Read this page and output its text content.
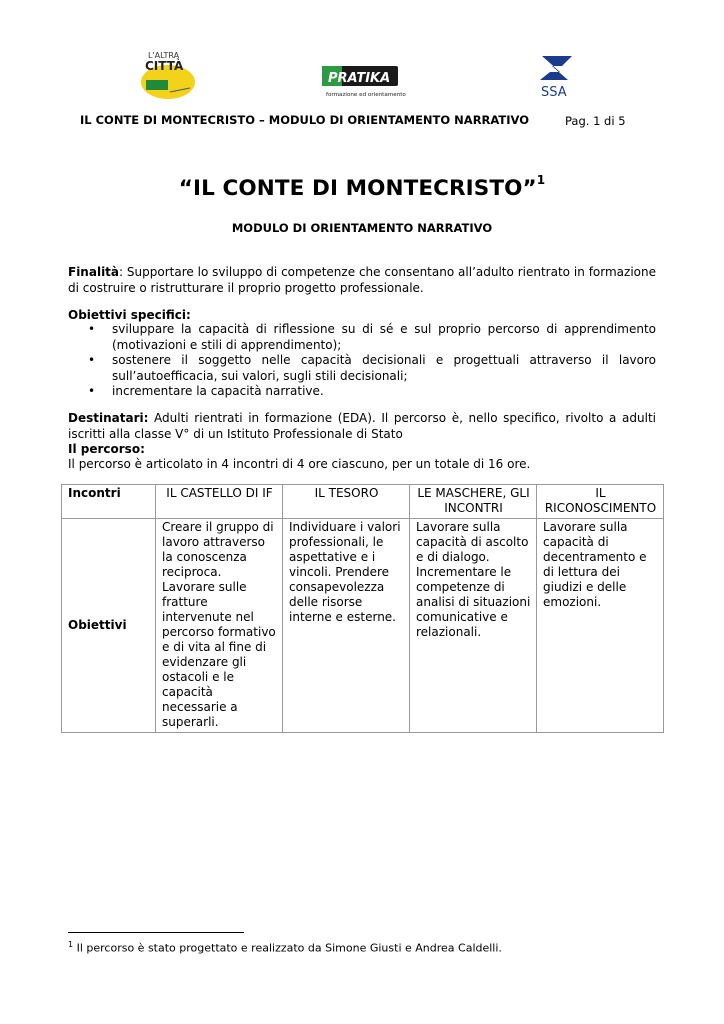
L'ALTRA
CITTÀ
PRATIKA
formazione ed orientamento	SSA
IL CONTE DI MONTECRISTO – MODULO DI ORIENTAMENTO NARRATIVO	Pag. 1 di 5
“IL CONTE DI MONTECRISTO”$^1$
MODULO DI ORIENTAMENTO NARRATIVO
Finalità: Supportare lo sviluppo di competenze che consentano all’adulto rientrato in formazione di costruire o ristrutturare il proprio progetto professionale.
Obiettivi specifici:
• sviluppare la capacità di riflessione su di sé e sul proprio percorso di apprendimento (motivazioni e stili di apprendimento);
• sostenere il soggetto nelle capacità decisionali e progettuali attraverso il lavoro sull’autoefficacia, sui valori, sugli stili decisionali;
• incrementare la capacità narrative.
Destinatari: Adulti rientrati in formazione (EDA). Il percorso è, nello specifico, rivolto a adulti iscritti alla classe V° di un Istituto Professionale di Stato
Il percorso:
Il percorso è articolato in 4 incontri di 4 ore ciascuno, per un totale di 16 ore.
Incontri	IL CASTELLO DI IF	IL TESORO	LE MASCHERE, GLI INCONTRI	IL RICONOSCIMENTO
Obiettivi	Creare il gruppo di lavoro attraverso la conoscenza reciproca. Lavorare sulle fratture intervenute nel percorso formativo e di vita al fine di evidenzare gli ostacoli e le capacità necessarie a superarli.	Individuare i valori professionali, le aspettative e i vincoli. Prendere consapevolezza delle risorse interne e esterne.	Lavorare sulla capacità di ascolto e di dialogo. Incrementare le competenze di analisi di situazioni comunicative e relazionali.	Lavorare sulla capacità di decentramento e di lettura dei giudizi e delle emozioni.
$^1$ Il percorso è stato progettato e realizzato da Simone Giusti e Andrea Caldelli.
